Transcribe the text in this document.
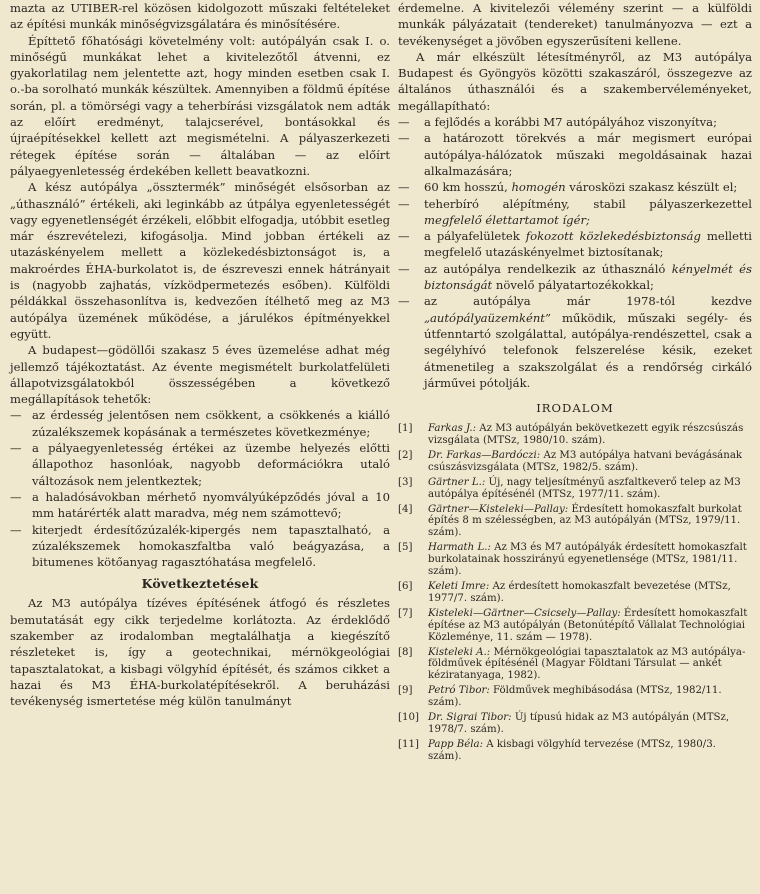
mazta az UTIBER-rel közösen kidolgozott műszaki feltételeket az építési munkák minőségvizsgálatára és minősítésére.

Építtető főhatósági követelmény volt: autópályán csak I. o. minőségű munkákat lehet a kivitelezőtől átvenni, ez gyakorlatilag nem jelentette azt, hogy minden esetben csak I. o.-ba sorolható munkák készültek. Amennyiben a földmű építése során, pl. a tömörségi vagy a teherbírási vizsgálatok nem adták az előírt eredményt, talajcserével, bontásokkal és újraépítésekkel kellett azt megismételni. A pályaszerkezeti rétegek építése során — általában — az előírt pályaegyenletesség érdekében kellett beavatkozni.

A kész autópálya „össztermék” minőségét elsősorban az „úthasználó” értékeli, aki leginkább az útpálya egyenletességét vagy egyenetlenségét érzékeli, előbbit elfogadja, utóbbit esetleg már észrevételezi, kifogásolja. Mind jobban értékeli az utazáskényelem mellett a közlekedésbiztonságot is, a makroérdes ÉHA-burkolatot is, de észreveszi ennek hátrányait is (nagyobb zajhatás, vízködpermetezés esőben). Külföldi példákkal összehasonlítva is, kedvezően ítélhető meg az M3 autópálya üzemének működése, a járulékos építményekkel együtt.

A budapest—gödöllői szakasz 5 éves üzemelése adhat még jellemző tájékoztatást. Az évente megismételt burkolatfelületi állapotvizsgálatokból összességében a következő megállapítások tehetők:

— az érdesség jelentősen nem csökkent, a csökkenés a kiálló zúzalékszemek kopásának a természetes következménye;
— a pályaegyenletesség értékei az üzembe helyezés előtti állapothoz hasonlóak, nagyobb deformációkra utaló változások nem jelentkeztek;
— a haladósávokban mérhető nyomvályúképződés jóval a 10 mm határérték alatt maradva, még nem számottevő;
— kiterjedt érdesítőzúzalék-kipergés nem tapasztalható, a zúzalékszemek homokaszfaltba való beágyazása, a bitumenes kötőanyag ragasztóhatása megfelelő.
Következtetések

Az M3 autópálya tízéves építésének átfogó és részletes bemutatását egy cikk terjedelme korlátozta. Az érdeklődő szakember az irodalomban megtalálhatja a kiegészítő részleteket is, így a geotechnikai, mérnökgeológiai tapasztalatokat, a kisbagi völgyhíd építését, és számos cikket a hazai és M3 ÉHA-burkolatépítésekről. A beruházási tevékenység ismertetése még külön tanulmányt

érdemelne. A kivitelezői vélemény szerint — a külföldi munkák pályázatait (tendereket) tanulmányozva — ezt a tevékenységet a jövőben egyszerűsíteni kellene.

A már elkészült létesítményről, az M3 autópálya Budapest és Gyöngyös közötti szakaszáról, összegezve az általános úthasználói és a szakembervéleményeket, megállapítható:

— a fejlődés a korábbi M7 autópályához viszonyítva;
— a határozott törekvés a már megismert európai autópálya-hálózatok műszaki megoldásainak hazai alkalmazására;
— 60 km hosszú, homogén városközi szakasz készült el;
— teherbíró alépítmény, stabil pályaszerkezettel megfelelő élettartamot ígér;
— a pályafelületek fokozott közlekedésbiztonság melletti megfelelő utazáskényelmet biztosítanak;
— az autópálya rendelkezik az úthasználó kényelmét és biztonságát növelő pályatartozékokkal;
— az autópálya már 1978-tól kezdve „autópályaüzemként” működik, műszaki segély- és útfenntartó szolgálattal, autópálya-rendészettel, csak a segélyhívó telefonok felszerelése késik, ezeket átmenetileg a szakszolgálat és a rendőrség cirkáló járművei pótolják.
IRODALOM
[1] Farkas J.: Az M3 autópályán bekövetkezett egyik részcsúszás vizsgálata (MTSz, 1980/10. szám).
[2] Dr. Farkas—Bardóczi: Az M3 autópálya hatvani bevágásának csúszásvizsgálata (MTSz, 1982/5. szám).
[3] Gärtner L.: Új, nagy teljesítményű aszfaltkeverő telep az M3 autópálya építésénél (MTSz, 1977/11. szám).
[4] Gärtner—Kisteleki—Pallay: Érdesített homokaszfalt burkolat építés 8 m szélességben, az M3 autópályán (MTSz, 1979/11. szám).
[5] Harmath L.: Az M3 és M7 autópályák érdesített homokaszfalt burkolatainak hosszirányú egyenetlensége (MTSz, 1981/11. szám).
[6] Keleti Imre: Az érdesített homokaszfalt bevezetése (MTSz, 1977/7. szám).
[7] Kisteleki—Gärtner—Csicsely—Pallay: Érdesített homokaszfalt építése az M3 autópályán (Betonútépítő Vállalat Technológiai Közleménye, 11. szám — 1978).
[8] Kisteleki A.: Mérnökgeológiai tapasztalatok az M3 autópálya-földművek építésénél (Magyar Földtani Társulat — ankét kéziratanyaga, 1982).
[9] Petró Tibor: Földművek meghibásodása (MTSz, 1982/11. szám).
[10] Dr. Sigrai Tibor: Új típusú hidak az M3 autópályán (MTSz, 1978/7. szám).
[11] Papp Béla: A kisbagi völgyhíd tervezése (MTSz, 1980/3. szám).
